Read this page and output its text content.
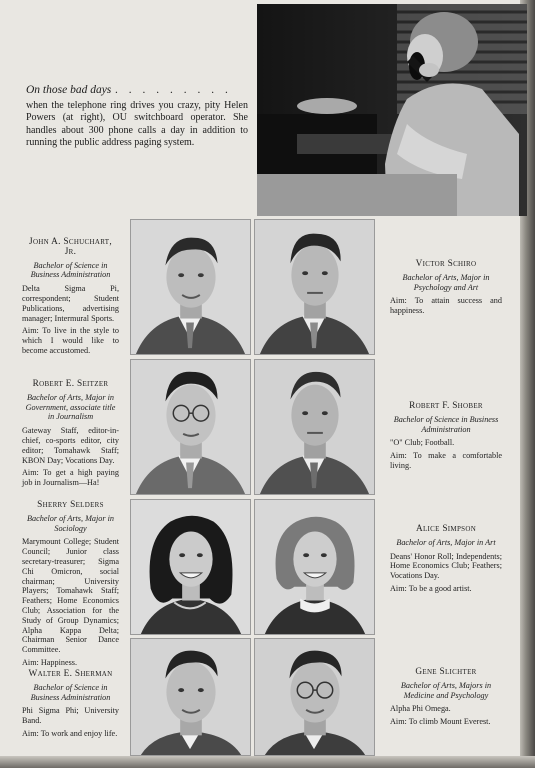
On those bad days . . . . . . . . .
when the telephone ring drives you crazy, pity Helen Powers (at right), OU switchboard operator. She handles about 300 phone calls a day in addition to running the public address paging system.
John A. Schuchart, Jr.
Bachelor of Science in Business Administration
Delta Sigma Pi, correspondent; Student Publications, advertising manager; Intermural Sports.
Aim: To live in the style to which I would like to become accustomed.
Victor Schiro
Bachelor of Arts, Major in Psychology and Art
Aim: To attain success and happiness.
Robert E. Seitzer
Bachelor of Arts, Major in Government, associate title in Journalism
Gateway Staff, editor-in-chief, co-sports editor, city editor; Tomahawk Staff; KBON Day; Vocations Day.
Aim: To get a high paying job in Journalism—Ha!
Robert F. Shober
Bachelor of Science in Business Administration
"O" Club; Football.
Aim: To make a comfortable living.
Sherry Selders
Bachelor of Arts, Major in Sociology
Marymount College; Student Council; Junior class secretary-treasurer; Sigma Chi Omicron, social chairman; University Players; Tomahawk Staff; Feathers; Home Economics Club; Association for the Study of Group Dynamics; Alpha Kappa Delta; Chairman Senior Dance Committee.
Aim: Happiness.
Alice Simpson
Bachelor of Arts, Major in Art
Deans' Honor Roll; Independents; Home Economics Club; Feathers; Vocations Day.
Aim: To be a good artist.
Walter E. Sherman
Bachelor of Science in Business Administration
Phi Sigma Phi; University Band.
Aim: To work and enjoy life.
Gene Slichter
Bachelor of Arts, Majors in Medicine and Psychology
Alpha Phi Omega.
Aim: To climb Mount Everest.
